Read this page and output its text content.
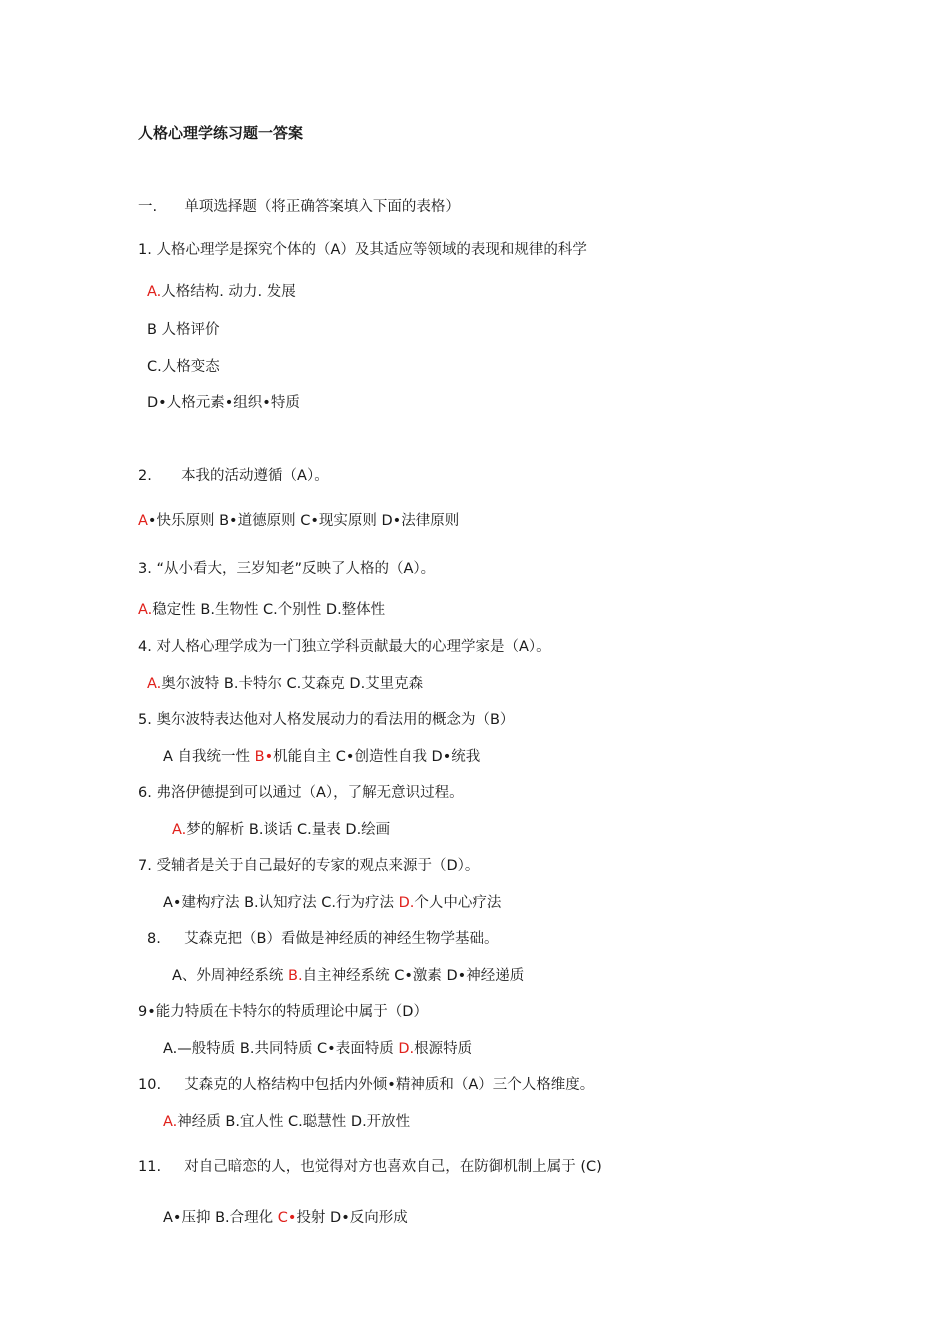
人格心理学练习题一答案
一. 单项选择题（将正确答案填入下面的表格）
1. 人格心理学是探究个体的（A）及其适应等领域的表现和规律的科学
A.人格结构. 动力. 发展
B 人格评价
C.人格变态
D•人格元素•组织•特质
2. 本我的活动遵循（A）。
A•快乐原则 B•道德原则 C•现实原则 D•法律原则
3. “从小看大，三岁知老”反映了人格的（A）。
A.稳定性 B.生物性 C.个别性 D.整体性
4. 对人格心理学成为一门独立学科贡献最大的心理学家是（A）。
A.奥尔波特 B.卡特尔 C.艾森克 D.艾里克森
5. 奥尔波特表达他对人格发展动力的看法用的概念为（B）
A 自我统一性 B•机能自主 C•创造性自我 D•统我
6. 弗洛伊德提到可以通过（A），了解无意识过程。
A.梦的解析 B.谈话 C.量表 D.绘画
7. 受辅者是关于自己最好的专家的观点来源于（D）。
A•建构疗法 B.认知疗法 C.行为疗法 D.个人中心疗法
8. 艾森克把（B）看做是神经质的神经生物学基础。
A、外周神经系统 B.自主神经系统 C•激素 D•神经递质
9•能力特质在卡特尔的特质理论中属于（D）
A.—般特质 B.共同特质 C•表面特质 D.根源特质
10. 艾森克的人格结构中包括内外倾•精神质和（A）三个人格维度。
A.神经质 B.宜人性 C.聪慧性 D.开放性
11. 对自己暗恋的人，也觉得对方也喜欢自己，在防御机制上属于 (C)
A•压抑 B.合理化 C•投射 D•反向形成
